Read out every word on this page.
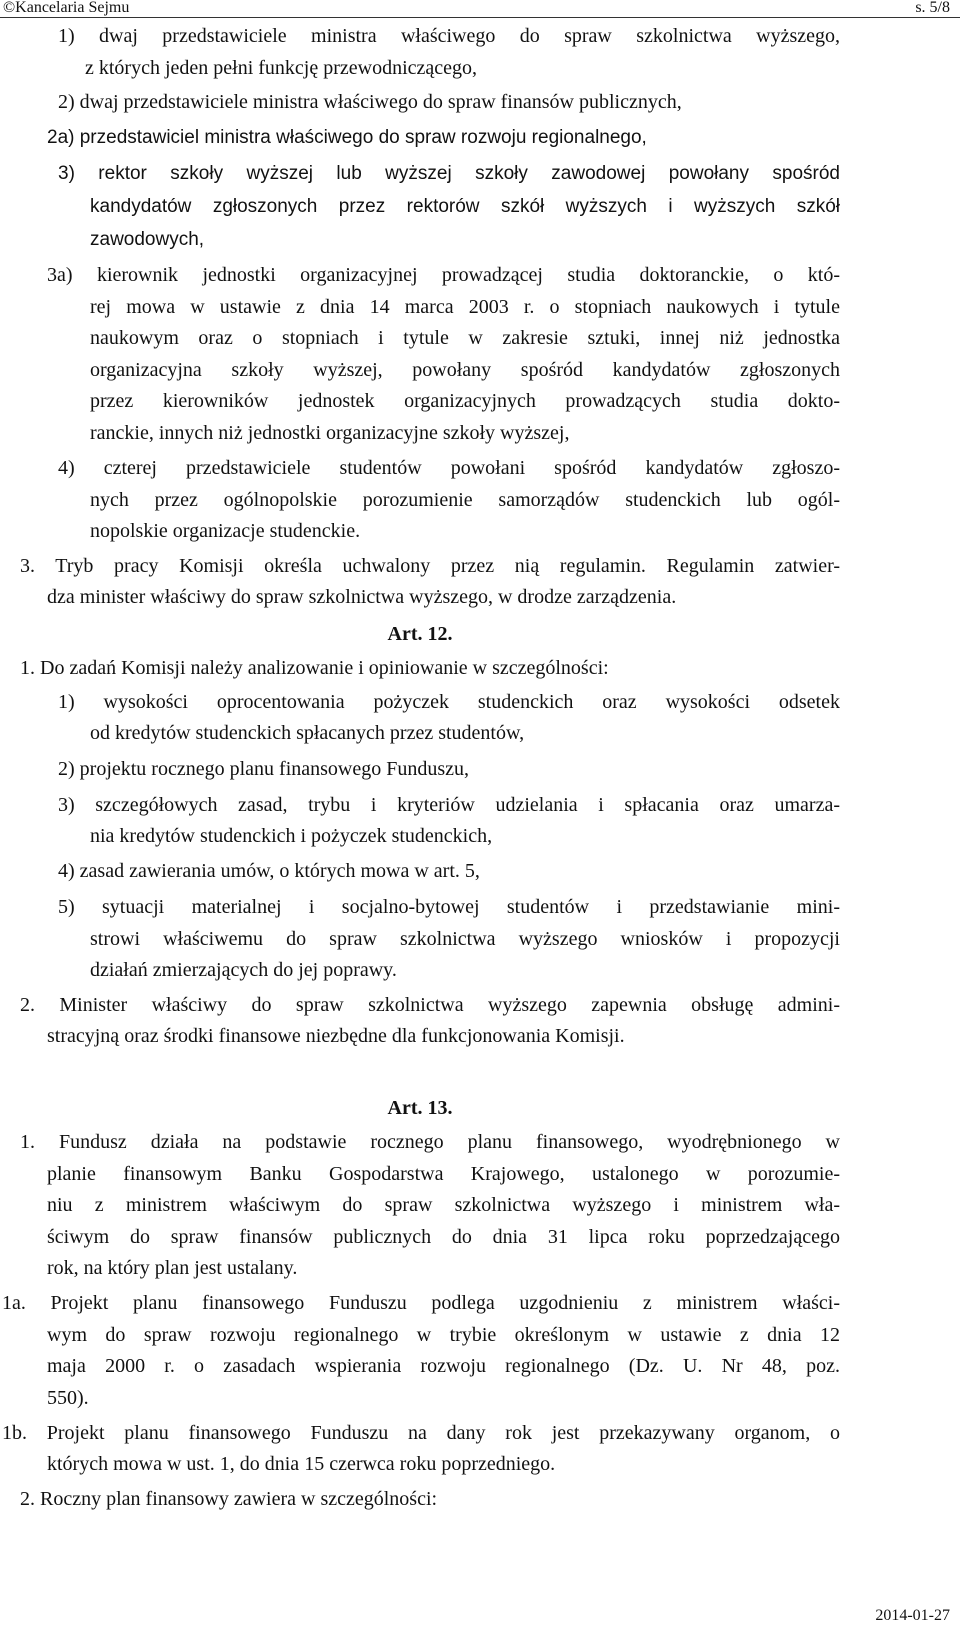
©Kancelaria Sejmu	s. 5/8
1) dwaj przedstawiciele ministra właściwego do spraw szkolnictwa wyższego,
z których jeden pełni funkcję przewodniczącego,
2) dwaj przedstawiciele ministra właściwego do spraw finansów publicznych,
2a) przedstawiciel ministra właściwego do spraw rozwoju regionalnego,
3) rektor szkoły wyższej lub wyższej szkoły zawodowej powołany spośród
kandydatów zgłoszonych przez rektorów szkół wyższych i wyższych szkół
zawodowych,
3a) kierownik jednostki organizacyjnej prowadzącej studia doktoranckie, o któ-
rej mowa w ustawie z dnia 14 marca 2003 r. o stopniach naukowych i tytule
naukowym oraz o stopniach i tytule w zakresie sztuki, innej niż jednostka
organizacyjna szkoły wyższej, powołany spośród kandydatów zgłoszonych
przez kierowników jednostek organizacyjnych prowadzących studia dokto-
ranckie, innych niż jednostki organizacyjne szkoły wyższej,
4) czterej przedstawiciele studentów powołani spośród kandydatów zgłoszo-
nych przez ogólnopolskie porozumienie samorządów studenckich lub ogól-
nopolskie organizacje studenckie.
3. Tryb pracy Komisji określa uchwalony przez nią regulamin. Regulamin zatwier-
dza minister właściwy do spraw szkolnictwa wyższego, w drodze zarządzenia.
Art. 12.
1. Do zadań Komisji należy analizowanie i opiniowanie w szczególności:
1) wysokości oprocentowania pożyczek studenckich oraz wysokości odsetek
od kredytów studenckich spłacanych przez studentów,
2) projektu rocznego planu finansowego Funduszu,
3) szczegółowych zasad, trybu i kryteriów udzielania i spłacania oraz umarza-
nia kredytów studenckich i pożyczek studenckich,
4) zasad zawierania umów, o których mowa w art. 5,
5) sytuacji materialnej i socjalno-bytowej studentów i przedstawianie mini-
strowi właściwemu do spraw szkolnictwa wyższego wniosków i propozycji
działań zmierzających do jej poprawy.
2. Minister właściwy do spraw szkolnictwa wyższego zapewnia obsługę admini-
stracyjną oraz środki finansowe niezbędne dla funkcjonowania Komisji.
Art. 13.
1. Fundusz działa na podstawie rocznego planu finansowego, wyodrębnionego w
planie finansowym Banku Gospodarstwa Krajowego, ustalonego w porozumie-
niu z ministrem właściwym do spraw szkolnictwa wyższego i ministrem wła-
ściwym do spraw finansów publicznych do dnia 31 lipca roku poprzedzającego
rok, na który plan jest ustalany.
1a. Projekt planu finansowego Funduszu podlega uzgodnieniu z ministrem właści-
wym do spraw rozwoju regionalnego w trybie określonym w ustawie z dnia 12
maja 2000 r. o zasadach wspierania rozwoju regionalnego (Dz. U. Nr 48, poz.
550).
1b. Projekt planu finansowego Funduszu na dany rok jest przekazywany organom, o
których mowa w ust. 1, do dnia 15 czerwca roku poprzedniego.
2. Roczny plan finansowy zawiera w szczególności:
2014-01-27
